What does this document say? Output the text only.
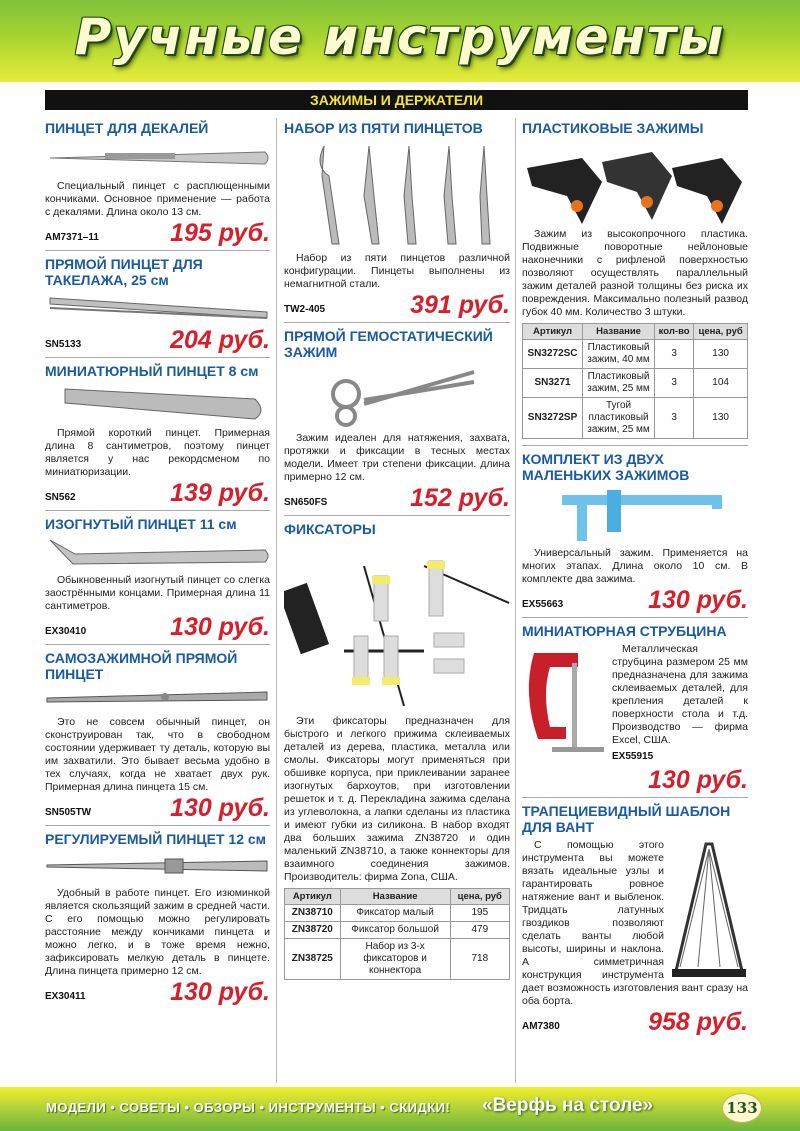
Ручные инструменты
ЗАЖИМЫ И ДЕРЖАТЕЛИ
ПИНЦЕТ ДЛЯ ДЕКАЛЕЙ
Специальный пинцет с расплющенными кончиками. Основное применение — работа с декалями. Длина около 13 см.
AM7371–11	195 руб.
ПРЯМОЙ ПИНЦЕТ ДЛЯ ТАКЕЛАЖА, 25 см
SN5133	204 руб.
МИНИАТЮРНЫЙ ПИНЦЕТ 8 см
Прямой короткий пинцет. Примерная длина 8 сантиметров, поэтому пинцет является у нас рекордсменом по миниатюризации.
SN562	139 руб.
ИЗОГНУТЫЙ ПИНЦЕТ 11 см
Обыкновенный изогнутый пинцет со слегка заострёнными концами. Примерная длина 11 сантиметров.
EX30410	130 руб.
САМОЗАЖИМНОЙ ПРЯМОЙ ПИНЦЕТ
Это не совсем обычный пинцет, он сконструирован так, что в свободном состоянии удерживает ту деталь, которую вы им захватили. Это бывает весьма удобно в тех случаях, когда не хватает двух рук. Примерная длина пинцета 15 см.
SN505TW	130 руб.
РЕГУЛИРУЕМЫЙ ПИНЦЕТ 12 см
Удобный в работе пинцет. Его изюминкой является скользящий зажим в средней части. С его помощью можно регулировать расстояние между кончиками пинцета и можно легко, и в тоже время нежно, зафиксировать мелкую деталь в пинцете. Длина пинцета примерно 12 см.
EX30411	130 руб.
НАБОР ИЗ ПЯТИ ПИНЦЕТОВ
Набор из пяти пинцетов различной конфигурации. Пинцеты выполнены из немагнитной стали.
TW2-405	391 руб.
ПРЯМОЙ ГЕМОСТАТИЧЕСКИЙ ЗАЖИМ
Зажим идеален для натяжения, захвата, протяжки и фиксации в тесных местах модели. Имеет три степени фиксации. длина примерно 12 см.
SN650FS	152 руб.
ФИКСАТОРЫ
Эти фиксаторы предназначен для быстрого и легкого прижима склеиваемых деталей из дерева, пластика, металла или смолы. Фиксаторы могут применяться при обшивке корпуса, при приклеивании заранее изогнутых бархоутов, при изготовлении решеток и т. д. Перекладина зажима сделана из углеволокна, а лапки сделаны из пластика и имеют губки из силикона. В набор входят два больших зажима ZN38720 и один маленький ZN38710, а также коннекторы для взаимного соединения зажимов. Производитель: фирма Zona, США.
Артикул	Название	цена, руб
ZN38710	Фиксатор малый	195
ZN38720	Фиксатор большой	479
ZN38725	Набор из 3-х фиксаторов и коннектора	718
ПЛАСТИКОВЫЕ ЗАЖИМЫ
Зажим из высокопрочного пластика. Подвижные поворотные нейлоновые наконечники с рифленой поверхностью позволяют осуществлять параллельный зажим деталей разной толщины без риска их повреждения. Максимально полезный развод губок 40 мм. Количество 3 штуки.
Артикул	Название	кол-во	цена, руб
SN3272SC	Пластиковый зажим, 40 мм	3	130
SN3271	Пластиковый зажим, 25 мм	3	104
SN3272SP	Тугой пластиковый зажим, 25 мм	3	130
КОМПЛЕКТ ИЗ ДВУХ МАЛЕНЬКИХ ЗАЖИМОВ
Универсальный зажим. Применяется на многих этапах. Длина около 10 см. В комплекте два зажима.
EX55663	130 руб.
МИНИАТЮРНАЯ СТРУБЦИНА
Металлическая струбцина размером 25 мм предназначена для зажима склеиваемых деталей, для крепления деталей к поверхности стола и т.д. Производство — фирма Excel, США.
EX55915
130 руб.
ТРАПЕЦИЕВИДНЫЙ ШАБЛОН ДЛЯ ВАНТ
С помощью этого инструмента вы можете вязать идеальные узлы и гарантировать ровное натяжение вант и выбленок. Тридцать латунных гвоздиков позволяют сделать ванты любой высоты, ширины и наклона. А симметричная конструкция инструмента дает возможность изготовления вант сразу на оба борта.
AM7380	958 руб.
МОДЕЛИ • СОВЕТЫ • ОБЗОРЫ • ИНСТРУМЕНТЫ • СКИДКИ! «Верфь на столе»	133
